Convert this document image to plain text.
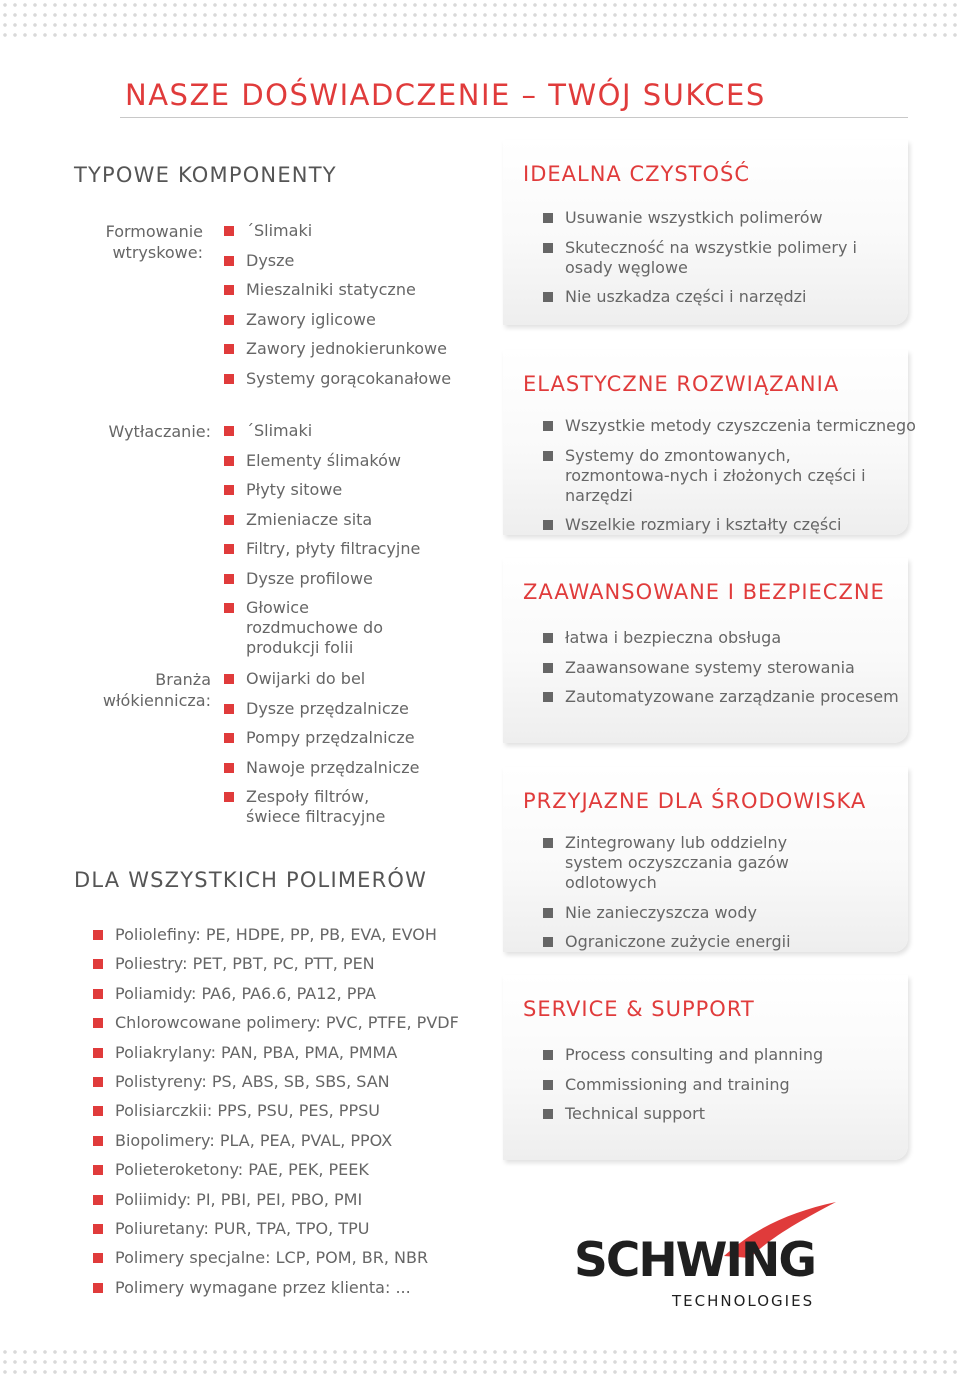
NASZE DOŚWIADCZENIE – TWÓJ SUKCES
TYPOWE KOMPONENTY
Formowanie wtryskowe:
´Slimaki
Dysze
Mieszalniki statyczne
Zawory iglicowe
Zawory jednokierunkowe
Systemy gorącokanałowe
Wytłaczanie:	´Slimaki
Elementy ślimaków
Płyty sitowe
Zmieniacze sita
Filtry, płyty filtracyjne
Dysze profilowe
Głowice rozdmuchowe do produkcji folii
Branża włókiennicza:
Owijarki do bel
Dysze przędzalnicze
Pompy przędzalnicze
Nawoje przędzalnicze
Zespoły filtrów, świece filtracyjne
DLA WSZYSTKICH POLIMERÓW
Poliolefiny: PE, HDPE, PP, PB, EVA, EVOH
Poliestry: PET, PBT, PC, PTT, PEN
Poliamidy: PA6, PA6.6, PA12, PPA
Chlorowcowane polimery: PVC, PTFE, PVDF
Poliakrylany: PAN, PBA, PMA, PMMA
Polistyreny: PS, ABS, SB, SBS, SAN
Polisiarczkii: PPS, PSU, PES, PPSU
Biopolimery: PLA, PEA, PVAL, PPOX
Polieteroketony: PAE, PEK, PEEK
Poliimidy: PI, PBI, PEI, PBO, PMI
Poliuretany: PUR, TPA, TPO, TPU
Polimery specjalne: LCP, POM, BR, NBR
Polimery wymagane przez klienta: ...
IDEALNA CZYSTOŚĆ
Usuwanie wszystkich polimerów
Skuteczność na wszystkie polimery i osady węglowe
Nie uszkadza części i narzędzi
ELASTYCZNE ROZWIĄZANIA
Wszystkie metody czyszczenia termicznego
Systemy do zmontowanych, rozmontowa-nych i złożonych części i narzędzi
Wszelkie rozmiary i kształty części
ZAAWANSOWANE I BEZPIECZNE
łatwa i bezpieczna obsługa
Zaawansowane systemy sterowania
Zautomatyzowane zarządzanie procesem
PRZYJAZNE DLA ŚRODOWISKA
Zintegrowany lub oddzielny system oczyszczania gazów odlotowych
Nie zanieczyszcza wody
Ograniczone zużycie energii
SERVICE & SUPPORT
Process consulting and planning
Commissioning and training
Technical support
SCHWING
TECHNOLOGIES
